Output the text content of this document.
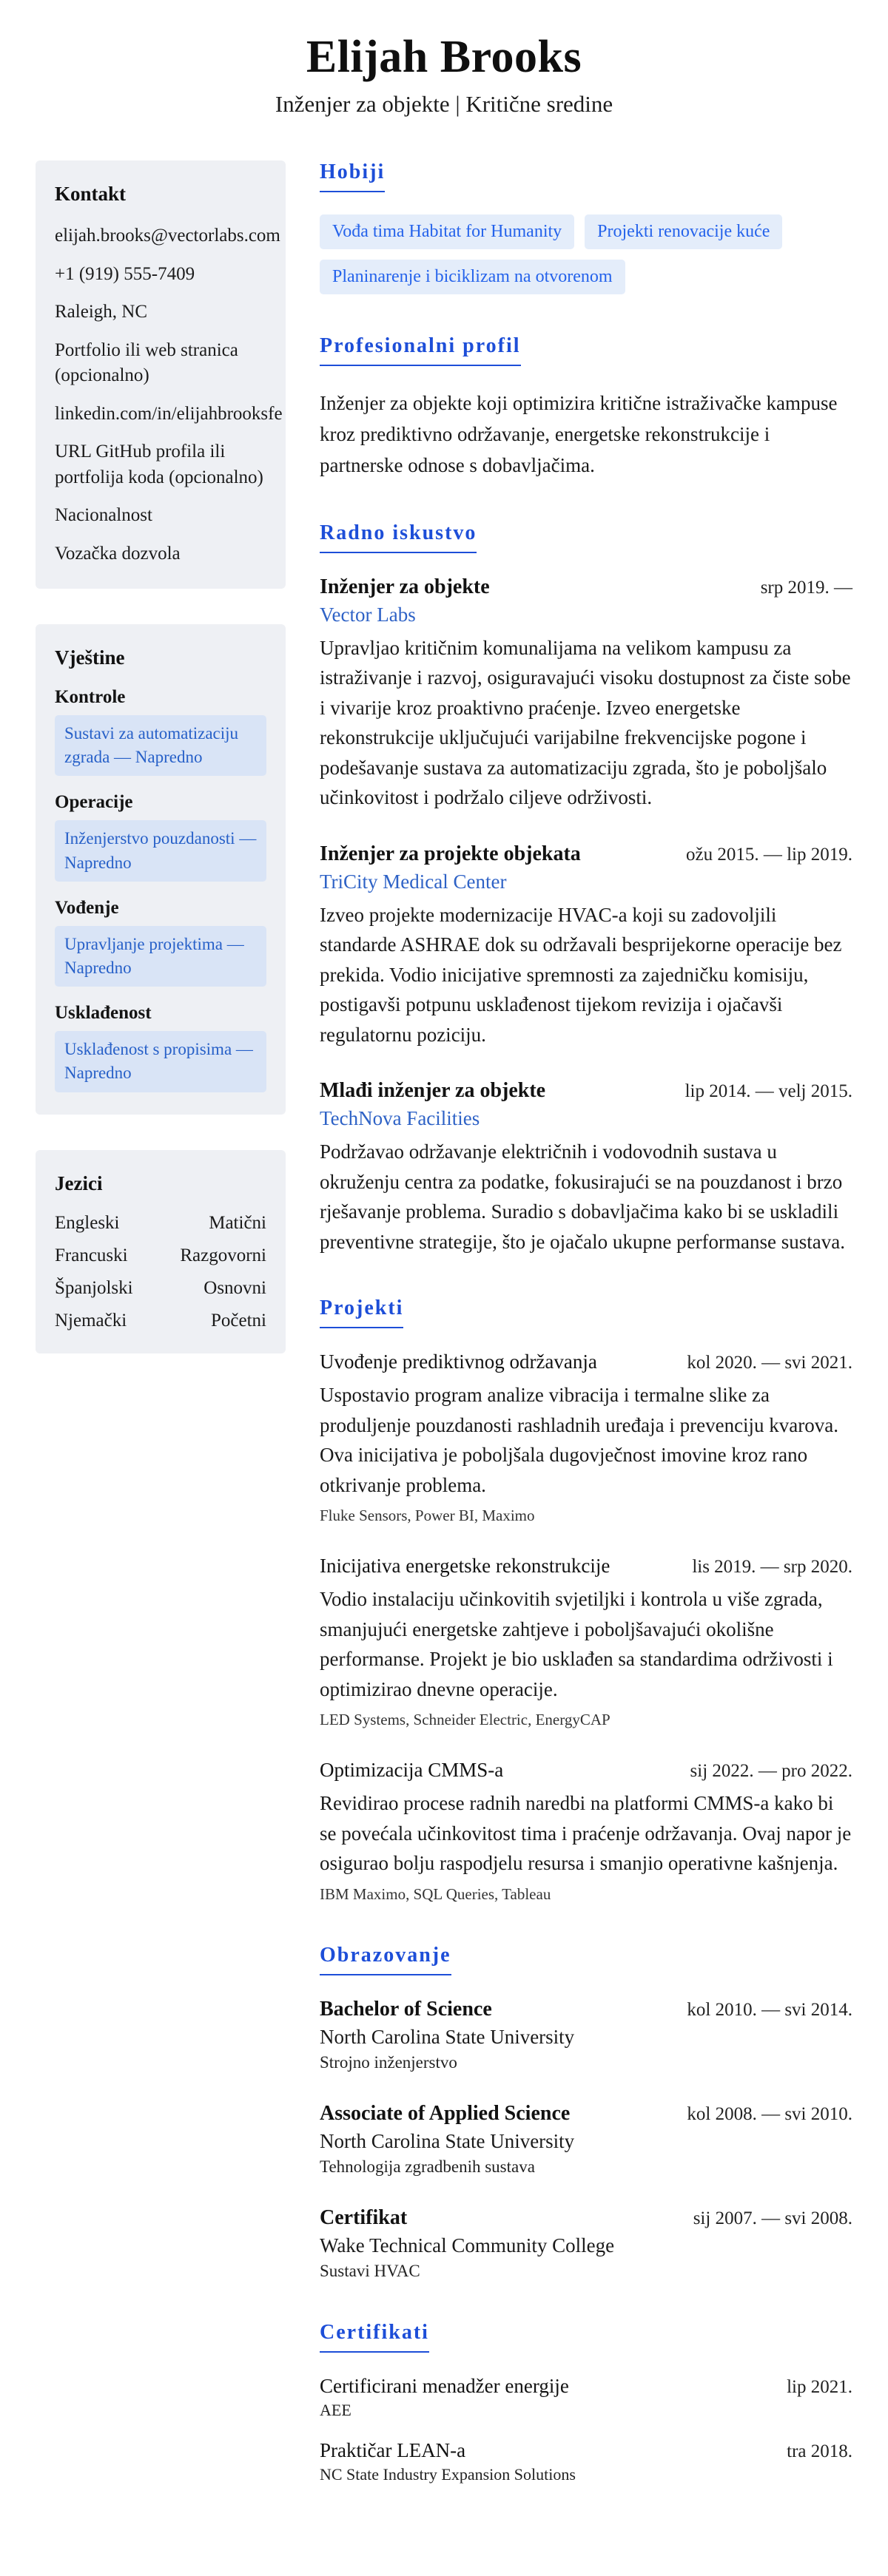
Elijah Brooks
Inženjer za objekte | Kritične sredine
Kontakt
elijah.brooks@vectorlabs.com
+1 (919) 555-7409
Raleigh, NC
Portfolio ili web stranica (opcionalno)
linkedin.com/in/elijahbrooksfe
URL GitHub profila ili portfolija koda (opcionalno)
Nacionalnost
Vozačka dozvola
Vještine
Kontrole
Sustavi za automatizaciju zgrada — Napredno
Operacije
Inženjerstvo pouzdanosti — Napredno
Vođenje
Upravljanje projektima — Napredno
Usklađenost
Usklađenost s propisima — Napredno
Jezici
Engleski	Matični
Francuski	Razgovorni
Španjolski	Osnovni
Njemački	Početni
Hobiji
Vođa tima Habitat for Humanity	Projekti renovacije kuće
Planinarenje i biciklizam na otvorenom
Profesionalni profil

Inženjer za objekte koji optimizira kritične istraživačke kampuse kroz prediktivno održavanje, energetske rekonstrukcije i partnerske odnose s dobavljačima.

Radno iskustvo
Inženjer za objekte	srp 2019. —
Vector Labs

Upravljao kritičnim komunalijama na velikom kampusu za istraživanje i razvoj, osiguravajući visoku dostupnost za čiste sobe i vivarije kroz proaktivno praćenje. Izveo energetske rekonstrukcije uključujući varijabilne frekvencijske pogone i podešavanje sustava za automatizaciju zgrada, što je poboljšalo učinkovitost i podržalo ciljeve održivosti.

Inženjer za projekte objekata	ožu 2015. — lip 2019.
TriCity Medical Center

Izveo projekte modernizacije HVAC-a koji su zadovoljili standarde ASHRAE dok su održavali besprijekorne operacije bez prekida. Vodio inicijative spremnosti za zajedničku komisiju, postigavši potpunu usklađenost tijekom revizija i ojačavši regulatornu poziciju.

Mlađi inženjer za objekte	lip 2014. — velj 2015.
TechNova Facilities

Podržavao održavanje električnih i vodovodnih sustava u okruženju centra za podatke, fokusirajući se na pouzdanost i brzo rješavanje problema. Suradio s dobavljačima kako bi se uskladili preventivne strategije, što je ojačalo ukupne performanse sustava.

Projekti
Uvođenje prediktivnog održavanja	kol 2020. — svi 2021.

Uspostavio program analize vibracija i termalne slike za produljenje pouzdanosti rashladnih uređaja i prevenciju kvarova. Ova inicijativa je poboljšala dugovječnost imovine kroz rano otkrivanje problema.

Fluke Sensors, Power BI, Maximo
Inicijativa energetske rekonstrukcije	lis 2019. — srp 2020.

Vodio instalaciju učinkovitih svjetiljki i kontrola u više zgrada, smanjujući energetske zahtjeve i poboljšavajući okolišne performanse. Projekt je bio usklađen sa standardima održivosti i optimizirao dnevne operacije.

LED Systems, Schneider Electric, EnergyCAP
Optimizacija CMMS-a	sij 2022. — pro 2022.

Revidirao procese radnih naredbi na platformi CMMS-a kako bi se povećala učinkovitost tima i praćenje održavanja. Ovaj napor je osigurao bolju raspodjelu resursa i smanjio operativne kašnjenja.

IBM Maximo, SQL Queries, Tableau
Obrazovanje
Bachelor of Science	kol 2010. — svi 2014.
North Carolina State University
Strojno inženjerstvo
Associate of Applied Science	kol 2008. — svi 2010.
North Carolina State University
Tehnologija zgradbenih sustava
Certifikat	sij 2007. — svi 2008.
Wake Technical Community College
Sustavi HVAC
Certifikati
Certificirani menadžer energije	lip 2021.
AEE
Praktičar LEAN-a	tra 2018.
NC State Industry Expansion Solutions
